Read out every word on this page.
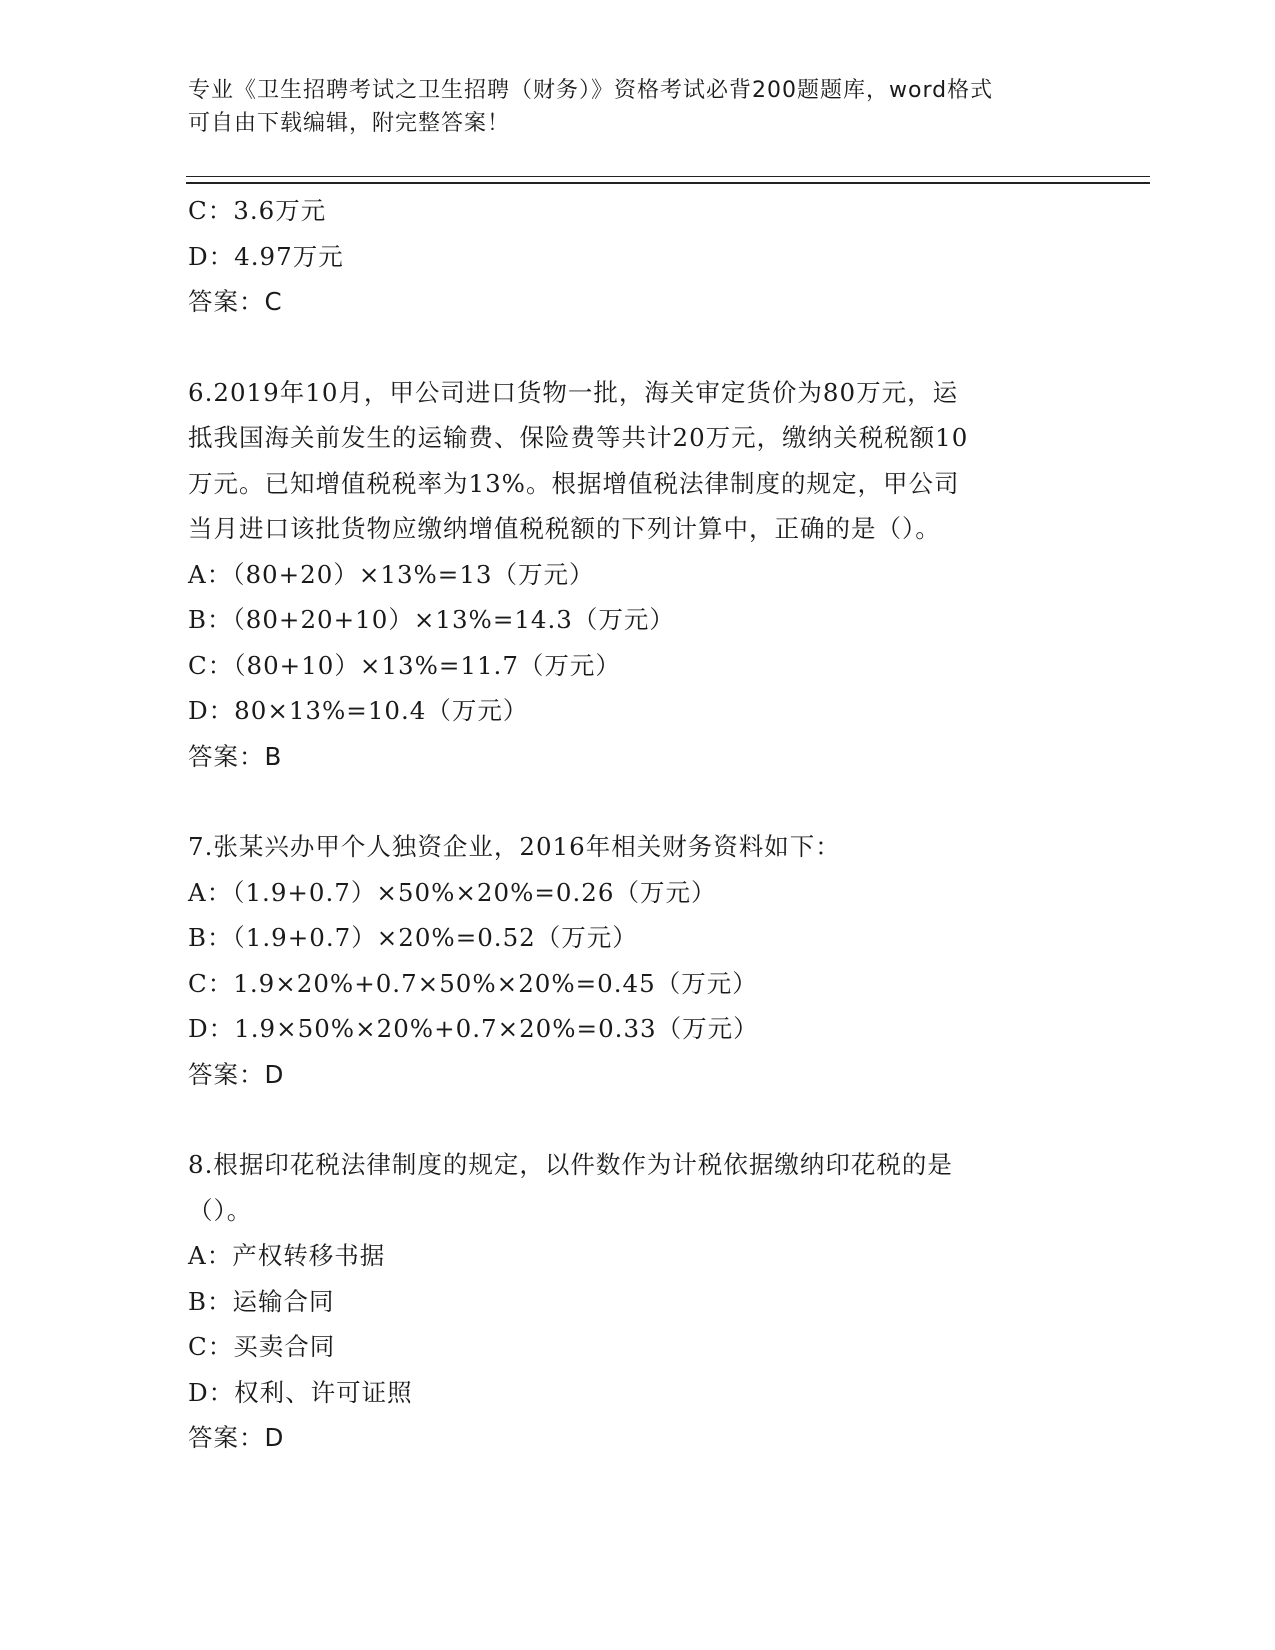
专业《卫生招聘考试之卫生招聘（财务）》资格考试必背200题题库，word格式
可自由下载编辑，附完整答案！
C：3.6万元
D：4.97万元
答案：C
6.2019年10月，甲公司进口货物一批，海关审定货价为80万元，运
抵我国海关前发生的运输费、保险费等共计20万元，缴纳关税税额10
万元。已知增值税税率为13%。根据增值税法律制度的规定，甲公司
当月进口该批货物应缴纳增值税税额的下列计算中，正确的是（）。
A：（80+20）×13%=13（万元）
B：（80+20+10）×13%=14.3（万元）
C：（80+10）×13%=11.7（万元）
D：80×13%=10.4（万元）
答案：B
7.张某兴办甲个人独资企业，2016年相关财务资料如下：
A：（1.9+0.7）×50%×20%=0.26（万元）
B：（1.9+0.7）×20%=0.52（万元）
C：1.9×20%+0.7×50%×20%=0.45（万元）
D：1.9×50%×20%+0.7×20%=0.33（万元）
答案：D
8.根据印花税法律制度的规定，以件数作为计税依据缴纳印花税的是
（）。
A：产权转移书据
B：运输合同
C：买卖合同
D：权利、许可证照
答案：D
